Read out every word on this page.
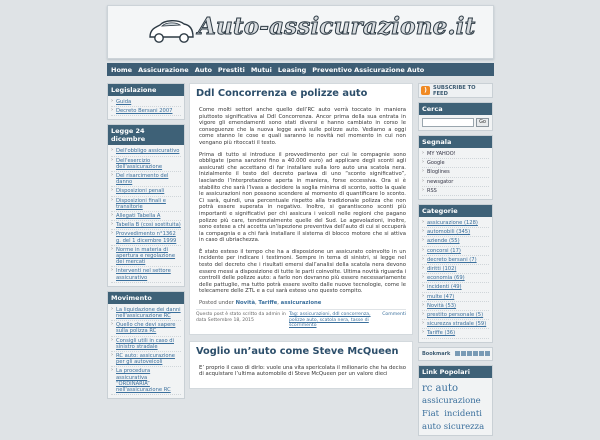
Auto-assicurazione.it
Home Assicurazione Auto Prestiti Mutui Leasing Preventivo Assicurazione Auto
Legislazione
› Guida
› Decreto Bersani 2007
Legge 24 dicembre
› Dell'obbligo assicurativo
› Dell'esercizio dell'assicurazione
› Del risarcimento del danno
› Disposizioni penali
› Disposizioni finali e transitorie
› Allegati Tabella A
› Tabella B (così sostituita)
› Provvedimento n°1362 g. del 1 dicembre 1999
› Norme in materia di apertura e regolazione dei mercati
› Interventi nel settore assicurativo
Movimento
› La liquidazione dei danni nell'assicurazione RC
› Quello che devi sapere sulla polizza RC
› Consigli utili in caso di sinistro stradale
› RC auto: assicurazione per gli autoveicoli
› La procedura assicurativa “ORDINARIA” nell'assicurazione RC
Ddl Concorrenza e polizze auto

Come molti settori anche quello dell’RC auto verrà toccato in maniera piuttosto significativa al Ddl Concorrenza. Ancor prima della sua entrata in vigore gli emendamenti sono stati diversi e hanno cambiato in corso le conseguenze che la nuova legge avrà sulle polizze auto. Vediamo a oggi come stanno le cose e quali saranno le novità nel momento in cui non vengano più ritoccati il testo.

Prima di tutto si introduce il provvedimento per cui le compagnie sono obbligate (pena sanzioni fino a 40.000 euro) ad applicare degli sconti agli assicurati che accettano di far installare sulla loro auto una scatola nera. Inizialmente il testo del decreto parlava di uno “sconto significativo”, lasciando l’interpretazione aperta in maniera, forse eccessiva. Ora si è stabilito che sarà l’Ivass a decidere la soglia minima di sconto, sotto la quale le assicurazioni non possono scendere al momento di quantificare lo sconto. Ci sarà, quindi, una percentuale rispetto alla tradizionale polizza che non potrà essere superata in negativo. Inoltre, si garantiscono sconti più importanti e significativi per chi assicura i veicoli nelle regioni che pagano polizze più care, tendenzialmente quelle del Sud. Le agevolazioni, inoltre, sono estese a chi accetta un’ispezione preventiva dell’auto di cui si occuperà la compagnia e a chi farà installare il sistema di blocco motore che si attiva in caso di ubriachezza.

È stato esteso il tempo che ha a disposizione un assicurato coinvolto in un incidente per indicare i testimoni. Sempre in tema di sinistri, si legge nel testo del decreto che i risultati emersi dall’analisi della scatola nera devono essere messi a disposizione di tutte le parti coinvolte. Ultima novità riguarda i controlli delle polizze auto: a farlo non dovranno più essere necessariamente delle pattuglie, ma tutto potrà essere svolto dalle nuove tecnologie, come le telecamere delle ZTL e a cui sarà esteso uno questo compito.

Posted under Novità, Tariffe, assicurazione
Questo post è stato scritto da admin in data Settembre 18, 2015
Tag: assicurazioni, ddl concorrenza, polizze auto, scatola nera, tasse di scorrimento
Commenti
Voglio un’auto come Steve McQueen

E’ proprio il caso di dirlo: vuole una vita spericolata il milionario che ha deciso di acquistare l’ultima automobile di Steve McQueen per un valore dieci

)	SUBSCRIBE TO FEED
Cerca
Go
Segnala
› MY YAHOO!
› Google
› Bloglines
› newsgator
› RSS
Categorie
› assicurazione (128)
› automobili (345)
› aziende (55)
› concorsi (17)
› decreto bersani (7)
› diritti (102)
› economia (69)
› incidenti (49)
› multe (47)
› Novità (53)
› prestito personale (5)
› sicurezza stradale (59)
› Tariffe (36)
Bookmark
Link Popolari
rc auto assicurazione Fiat incidenti auto sicurezza
